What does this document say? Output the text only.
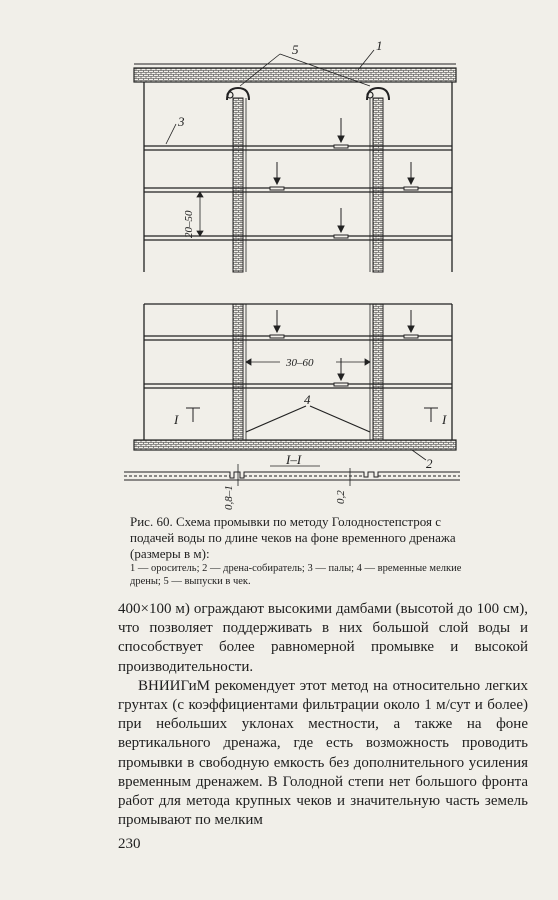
20–50
5	1
3
30–60
4
I	I
2
I–I
0,8–1	0,2
Рис. 60. Схема промывки по методу Голодностепстроя с подачей воды по длине чеков на фоне временного дренажа (размеры в м):
1 — ороситель; 2 — дрена-собиратель; 3 — палы; 4 — временные мелкие дрены; 5 — выпуски в чек.

400×100 м) ограждают высокими дамбами (высотой до 100 см), что позволяет поддерживать в них большой слой воды и способствует более равномерной промывке и высокой производительности.

ВНИИГиМ рекомендует этот метод на относительно легких грунтах (с коэффициентами фильтрации около 1 м/сут и более) при небольших уклонах местности, а также на фоне вертикального дренажа, где есть возможность проводить промывки в свободную емкость без дополнительного усиления временным дренажем. В Голодной степи нет большого фронта работ для метода крупных чеков и значительную часть земель промывают по мелким

230
